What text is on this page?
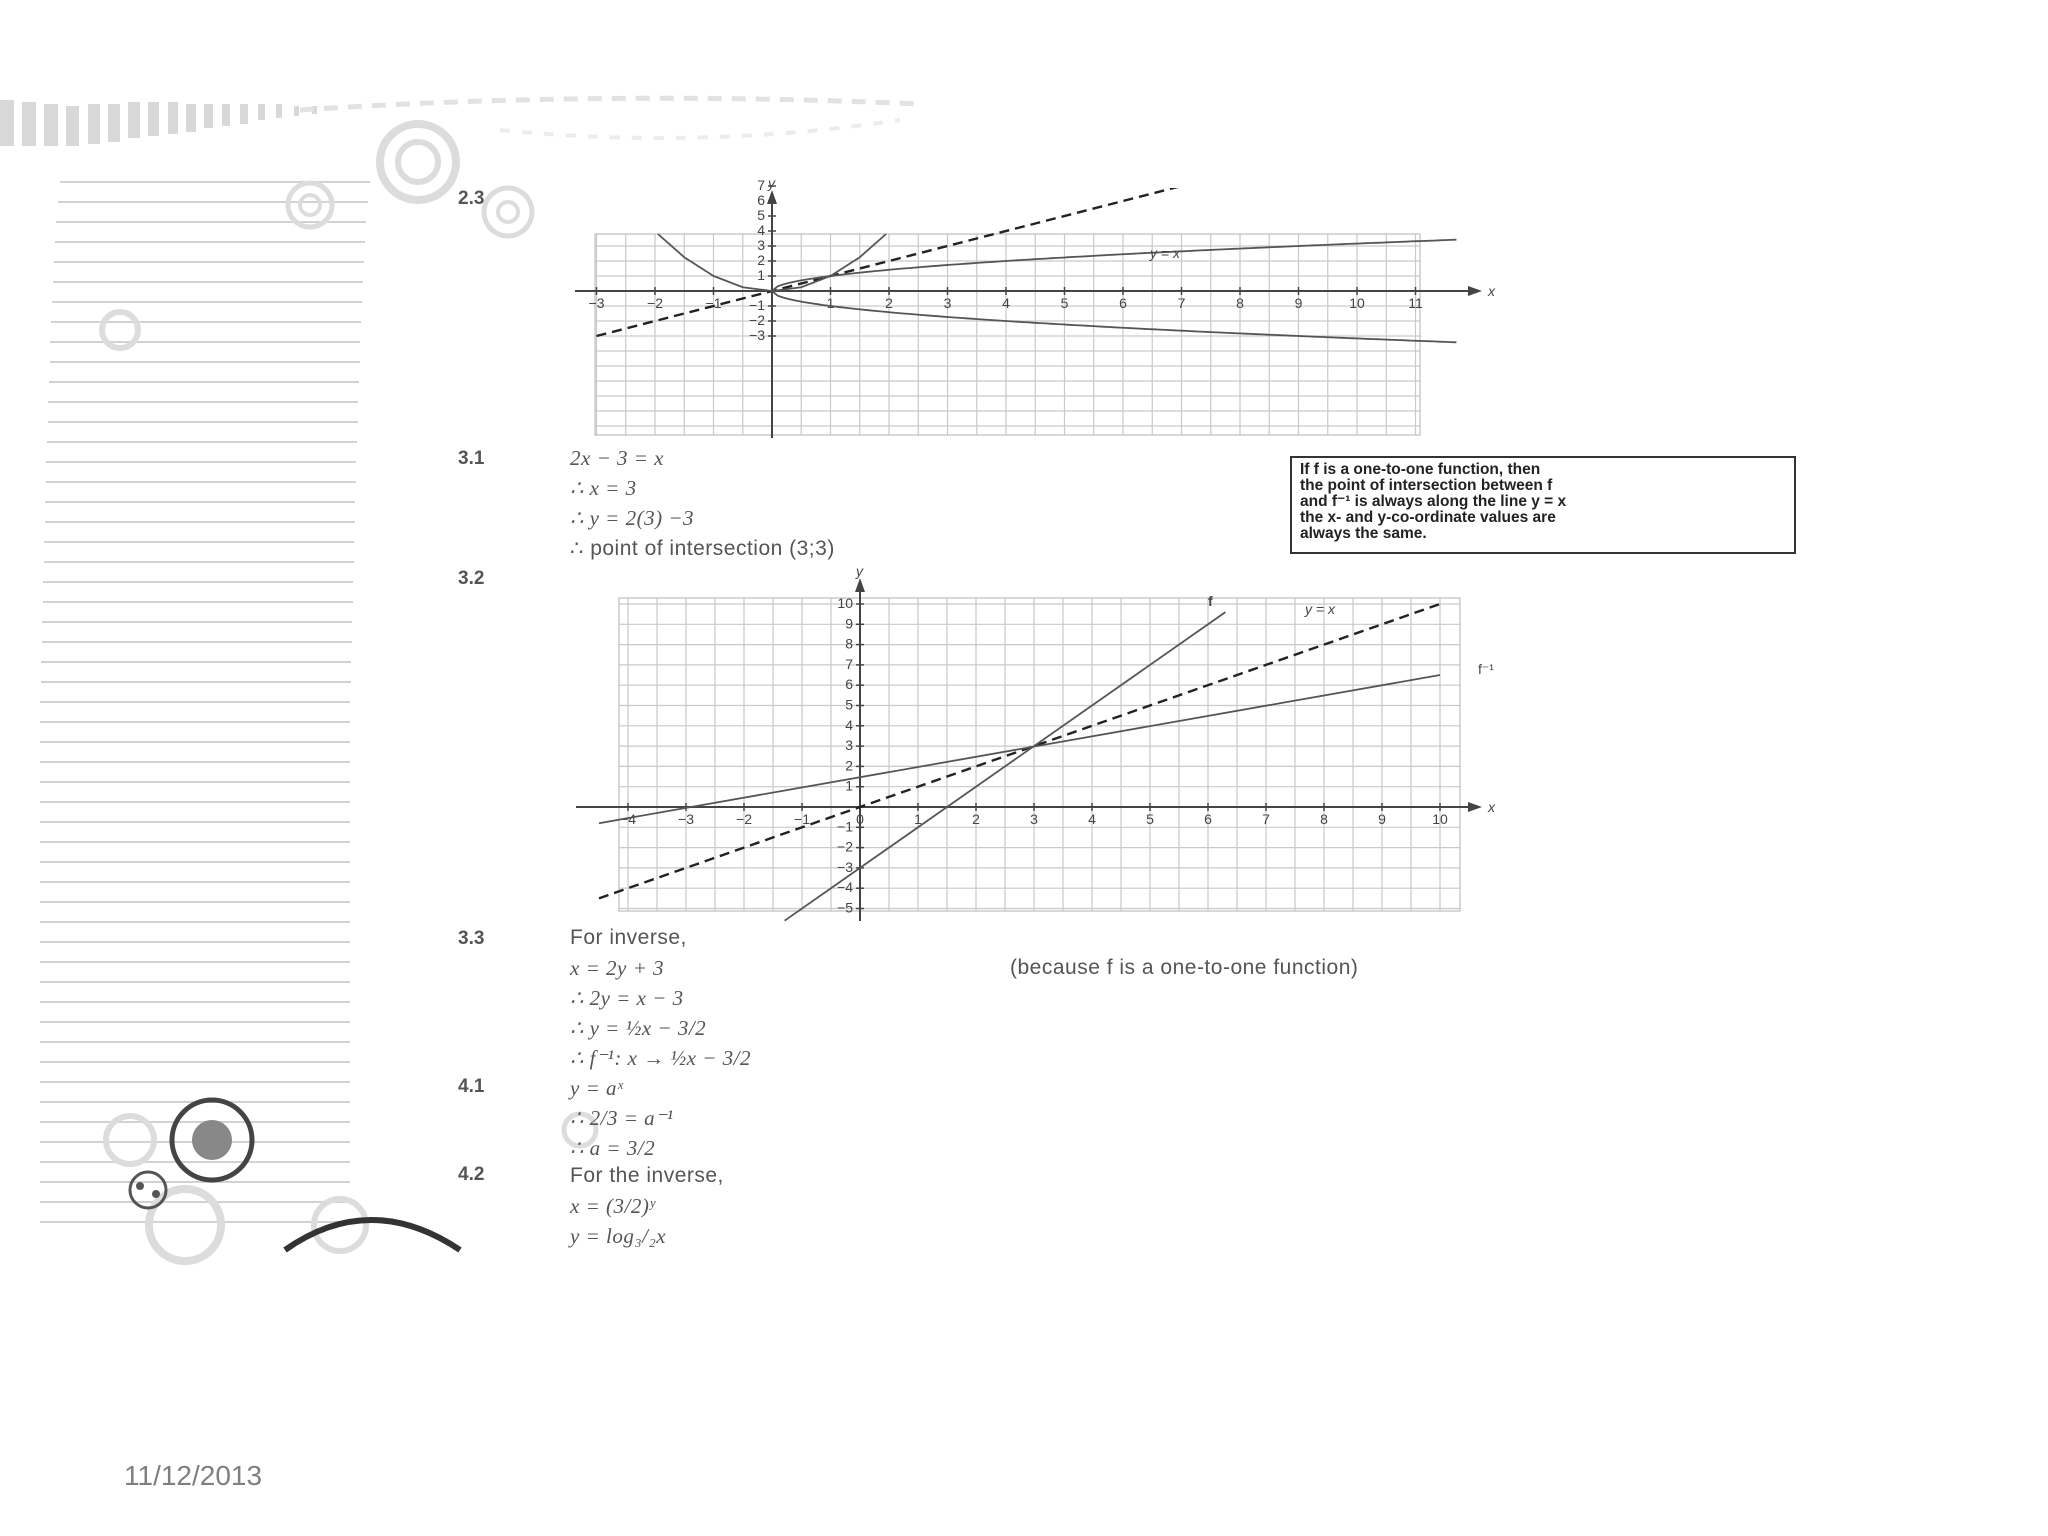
2.3
3.1
3.2
3.3
4.1
4.2
x
y
−3	−2	−1	1	2	3	4	5	6	7	8	9	10	11
−3
−2
−1
1
2
3
4
5
6
7
y = x
2x − 3 = x
∴ x = 3
∴ y = 2(3) −3
∴ point of intersection (3;3)
If f is a one-to-one function, then
the point of intersection between f
and f⁻¹ is always along the line y = x
the x- and y-co-ordinate values are
always the same.
x
y
−4	−3	−2	−1	0	1	2	3	4	5	6	7	8	9	10
−5
−4
−3
−2
−1
1
2
3
4
5
6
7
8
9
10	f	y = x
f⁻¹
For inverse,
x = 2y + 3
∴ 2y = x − 3
∴ y = ½x − 3/2
∴ f⁻¹: x → ½x − 3/2
(because f is a one-to-one function)
y = aˣ
∴ 2/3 = a⁻¹
∴ a = 3/2
For the inverse,
x = (3/2)ʸ
y = log₃/₂x
11/12/2013
